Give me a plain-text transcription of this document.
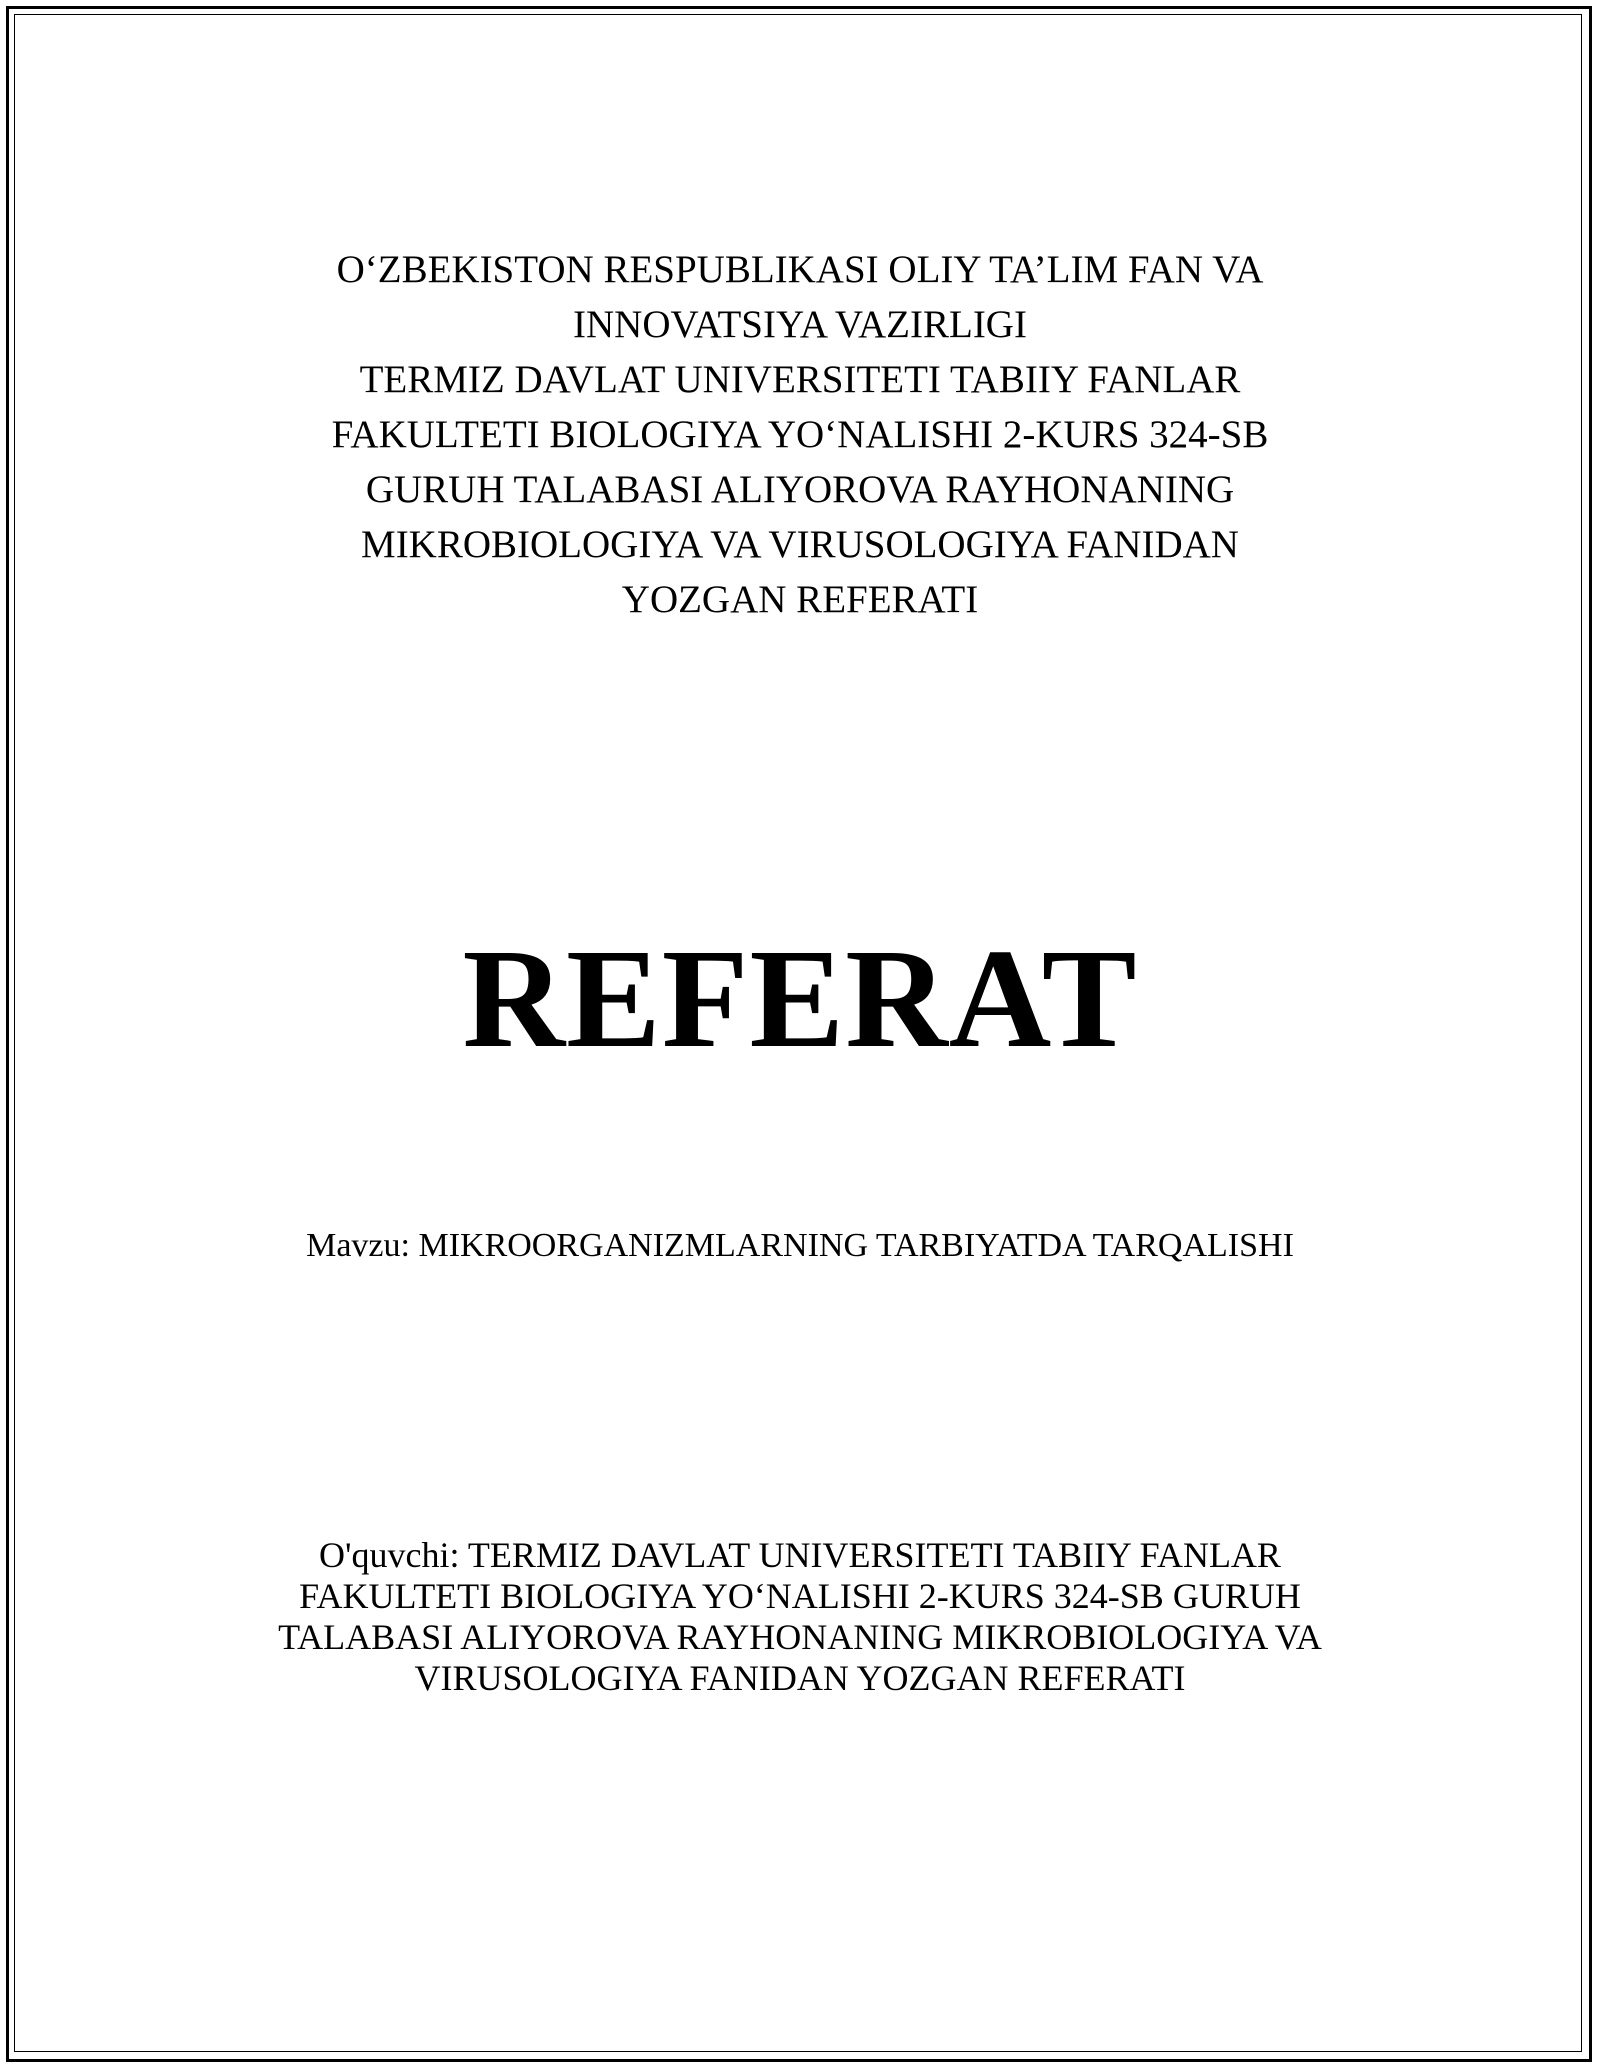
O‘ZBEKISTON RESPUBLIKASI OLIY TA’LIM FAN VA
INNOVATSIYA VAZIRLIGI
TERMIZ DAVLAT UNIVERSITETI TABIIY FANLAR
FAKULTETI BIOLOGIYA YO‘NALISHI 2-KURS 324-SB
GURUH TALABASI ALIYOROVA RAYHONANING
MIKROBIOLOGIYA VA VIRUSOLOGIYA FANIDAN
YOZGAN REFERATI
REFERAT

Mavzu: MIKROORGANIZMLARNING TARBIYATDA TARQALISHI

O'quvchi: TERMIZ DAVLAT UNIVERSITETI TABIIY FANLAR
FAKULTETI BIOLOGIYA YO‘NALISHI 2-KURS 324-SB GURUH
TALABASI ALIYOROVA RAYHONANING MIKROBIOLOGIYA VA
VIRUSOLOGIYA FANIDAN YOZGAN REFERATI
